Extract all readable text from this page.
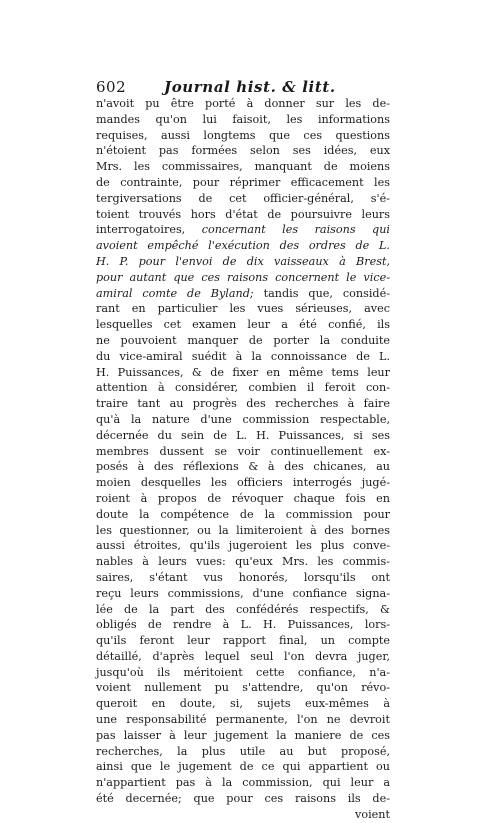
602	Journal hist. & litt.
n'avoit pu être porté à donner sur les de-
mandes qu'on lui faisoit, les informations
requises, aussi longtems que ces questions
n'étoient pas formées selon ses idées, eux
Mrs. les commissaires, manquant de moiens
de contrainte, pour réprimer efficacement les
tergiversations de cet officier-général, s'é-
toient trouvés hors d'état de poursuivre leurs
interrogatoires, concernant les raisons qui
avoient empêché l'exécution des ordres de L.
H. P. pour l'envoi de dix vaisseaux à Brest,
pour autant que ces raisons concernent le vice-
amiral comte de Byland; tandis que, considé-
rant en particulier les vues sérieuses, avec
lesquelles cet examen leur a été confié, ils
ne pouvoient manquer de porter la conduite
du vice-amiral suédit à la connoissance de L.
H. Puissances, & de fixer en même tems leur
attention à considérer, combien il feroit con-
traire tant au progrès des recherches à faire
qu'à la nature d'une commission respectable,
décernée du sein de L. H. Puissances, si ses
membres dussent se voir continuellement ex-
posés à des réflexions & à des chicanes, au
moien desquelles les officiers interrogés jugé-
roient à propos de révoquer chaque fois en
doute la compétence de la commission pour
les questionner, ou la limiteroient à des bornes
aussi étroites, qu'ils jugeroient les plus conve-
nables à leurs vues: qu'eux Mrs. les commis-
saires, s'étant vus honorés, lorsqu'ils ont
reçu leurs commissions, d'une confiance signa-
lée de la part des confédérés respectifs, &
obligés de rendre à L. H. Puissances, lors-
qu'ils feront leur rapport final, un compte
détaillé, d'après lequel seul l'on devra juger,
jusqu'où ils méritoient cette confiance, n'a-
voient nullement pu s'attendre, qu'on révo-
queroit en doute, si, sujets eux-mêmes à
une responsabilité permanente, l'on ne devroit
pas laisser à leur jugement la maniere de ces
recherches, la plus utile au but proposé,
ainsi que le jugement de ce qui appartient ou
n'appartient pas à la commission, qui leur a
été decernée; que pour ces raisons ils de-
voient
